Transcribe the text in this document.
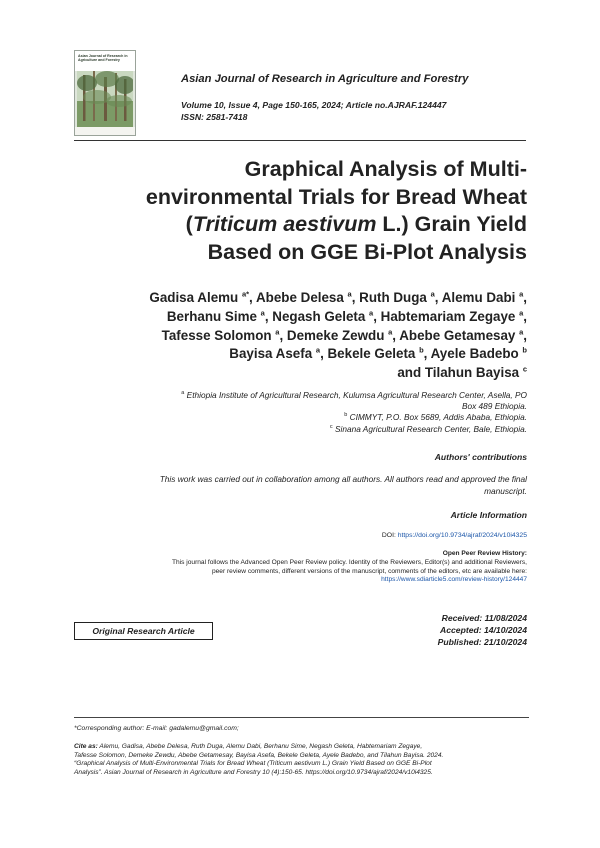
Asian Journal of Research in
Agriculture and Forestry
Asian Journal of Research in Agriculture and Forestry
Volume 10, Issue 4, Page 150-165, 2024; Article no.AJRAF.124447
ISSN: 2581-7418
Graphical Analysis of Multi-
environmental Trials for Bread Wheat
(Triticum aestivum L.) Grain Yield
Based on GGE Bi-Plot Analysis
Gadisa Alemu $^{a*}$, Abebe Delesa $^a$, Ruth Duga $^a$, Alemu Dabi $^a$,
Berhanu Sime $^a$, Negash Geleta $^a$, Habtemariam Zegaye $^a$,
Tafesse Solomon $^a$, Demeke Zewdu $^a$, Abebe Getamesay $^a$,
Bayisa Asefa $^a$, Bekele Geleta $^b$, Ayele Badebo $^b$
and Tilahun Bayisa $^c$
$^a$ Ethiopia Institute of Agricultural Research, Kulumsa Agricultural Research Center, Asella, PO
Box 489 Ethiopia.
$^b$ CIMMYT, P.O. Box 5689, Addis Ababa, Ethiopia.
$^c$ Sinana Agricultural Research Center, Bale, Ethiopia.
Authors' contributions
This work was carried out in collaboration among all authors. All authors read and approved the final
manuscript.
Article Information
DOI: https://doi.org/10.9734/ajraf/2024/v10i4325
Open Peer Review History:
This journal follows the Advanced Open Peer Review policy. Identity of the Reviewers, Editor(s) and additional Reviewers,
peer review comments, different versions of the manuscript, comments of the editors, etc are available here:
https://www.sdiarticle5.com/review-history/124447
Original Research Article
Received: 11/08/2024
Accepted: 14/10/2024
Published: 21/10/2024
*Corresponding author: E-mail: gadalemu@gmail.com;
Cite as: Alemu, Gadisa, Abebe Delesa, Ruth Duga, Alemu Dabi, Berhanu Sime, Negash Geleta, Habtemariam Zegaye,
Tafesse Solomon, Demeke Zewdu, Abebe Getamesay, Bayisa Asefa, Bekele Geleta, Ayele Badebo, and Tilahun Bayisa. 2024.
“Graphical Analysis of Multi-Environmental Trials for Bread Wheat (Triticum aestivum L.) Grain Yield Based on GGE Bi-Plot
Analysis”. Asian Journal of Research in Agriculture and Forestry 10 (4):150-65. https://doi.org/10.9734/ajraf/2024/v10i4325.
